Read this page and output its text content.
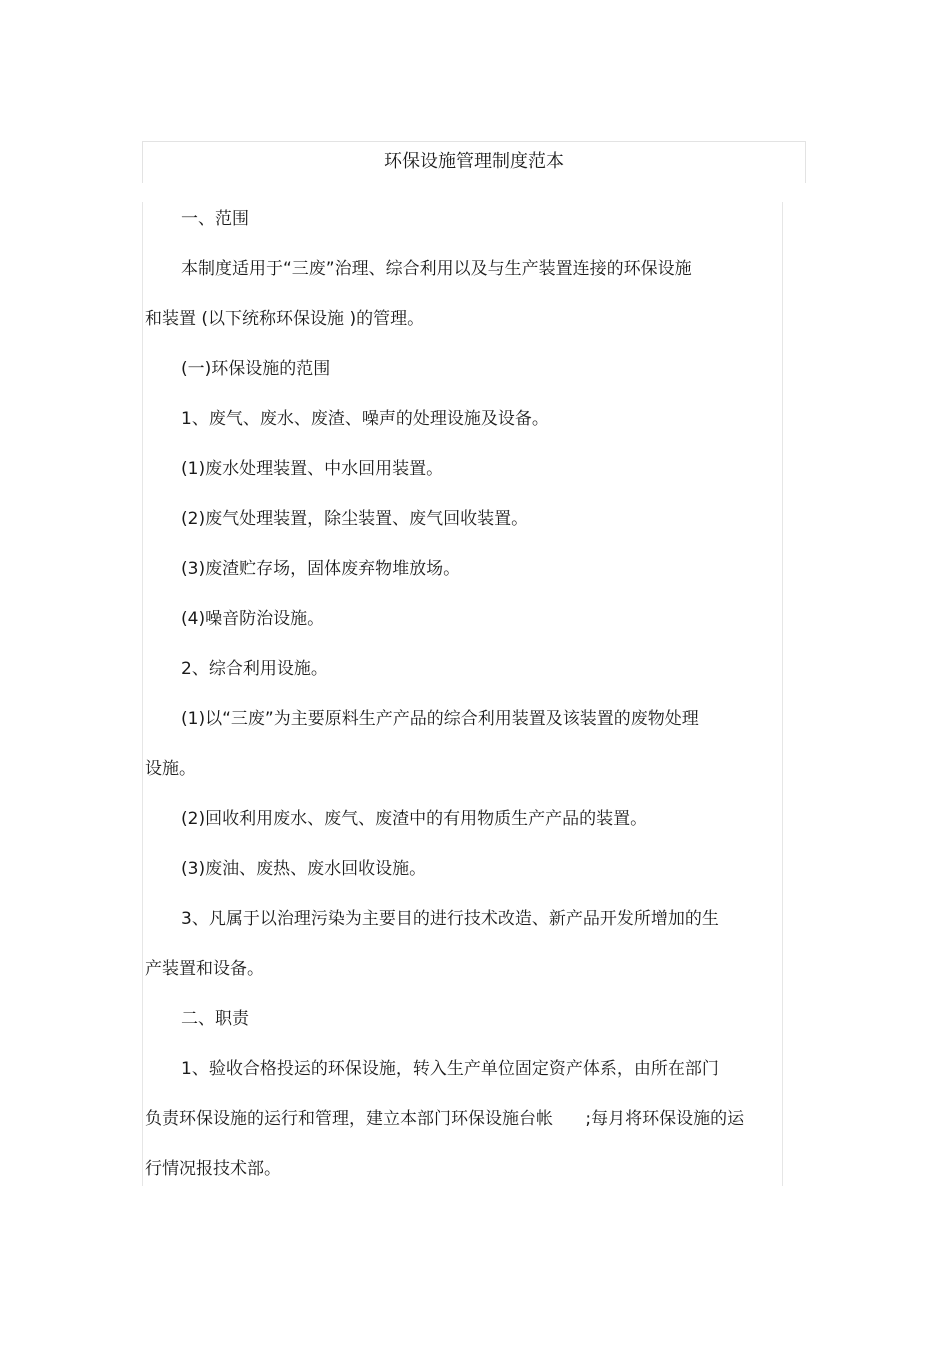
环保设施管理制度范本
一、范围
本制度适用于“三废”治理、综合利用以及与生产装置连接的环保设施
和装置 (以下统称环保设施 )的管理。
(一)环保设施的范围
1、废气、废水、废渣、噪声的处理设施及设备。
(1)废水处理装置、中水回用装置。
(2)废气处理装置，除尘装置、废气回收装置。
(3)废渣贮存场，固体废弃物堆放场。
(4)噪音防治设施。
2、综合利用设施。
(1)以“三废”为主要原料生产产品的综合利用装置及该装置的废物处理
设施。
(2)回收利用废水、废气、废渣中的有用物质生产产品的装置。
(3)废油、废热、废水回收设施。
3、凡属于以治理污染为主要目的进行技术改造、新产品开发所增加的生
产装置和设备。
二、职责
1、验收合格投运的环保设施，转入生产单位固定资产体系，由所在部门
负责环保设施的运行和管理，建立本部门环保设施台帐      ;每月将环保设施的运
行情况报技术部。
